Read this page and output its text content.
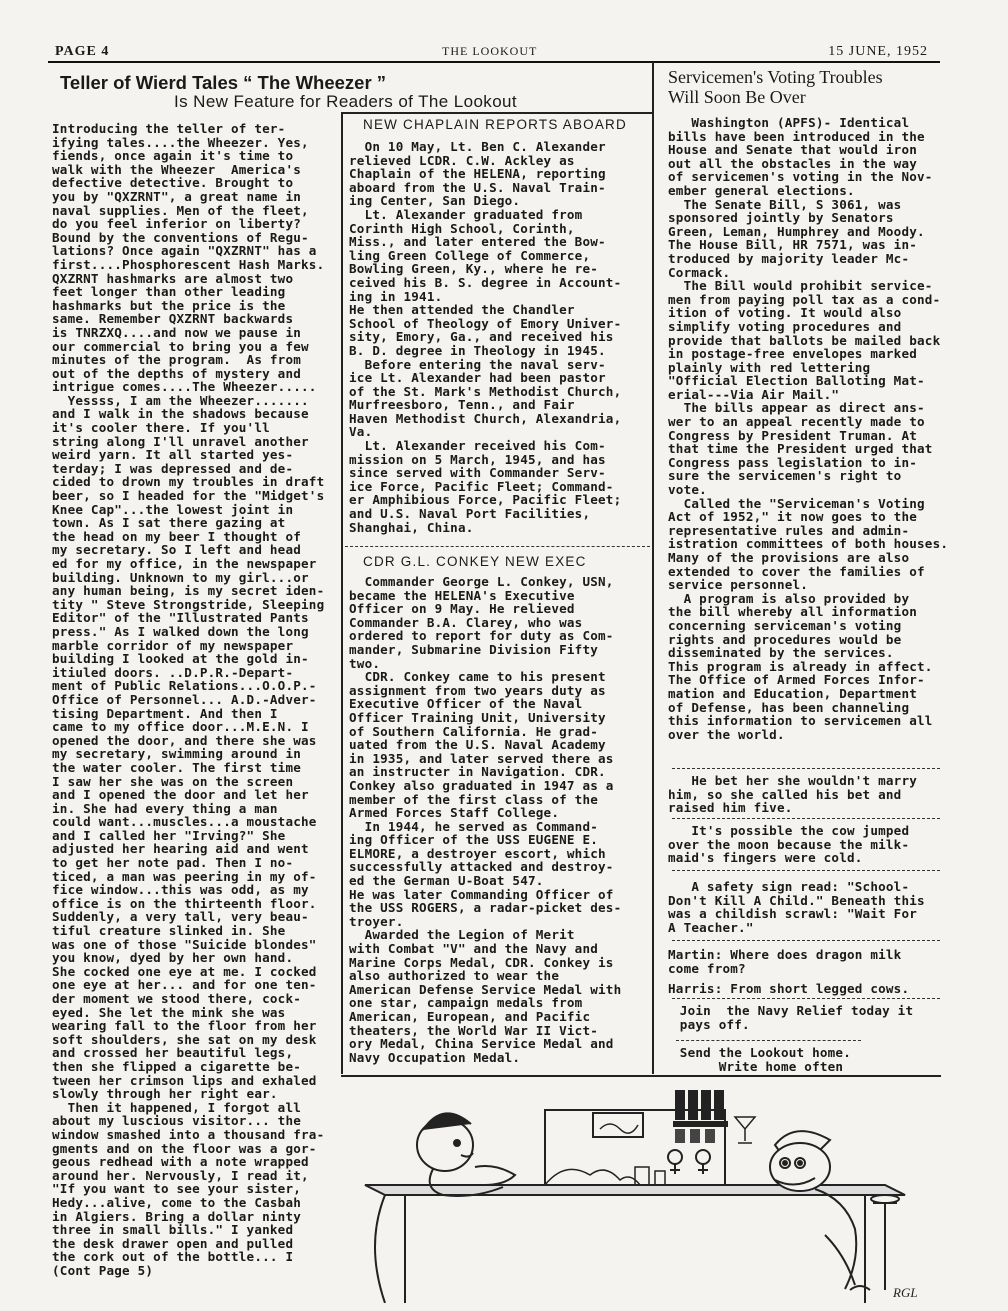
PAGE 4	THE LOOKOUT	15 JUNE, 1952
Teller of Wierd Tales “ The Wheezer ”
Is New Feature for Readers of The Lookout
Introducing the teller of ter-
ifying tales....the Wheezer. Yes,
fiends, once again it's time to
walk with the Wheezer  America's
defective detective. Brought to
you by "QXZRNT", a great name in
naval supplies. Men of the fleet,
do you feel inferior on liberty?
Bound by the conventions of Regu-
lations? Once again "QXZRNT" has a
first....Phosphorescent Hash Marks.
QXZRNT hashmarks are almost two
feet longer than other leading
hashmarks but the price is the
same. Remember QXZRNT backwards
is TNRZXQ....and now we pause in
our commercial to bring you a few
minutes of the program.  As from
out of the depths of mystery and
intrigue comes....The Wheezer.....
Yessss, I am the Wheezer.......
and I walk in the shadows because
it's cooler there. If you'll
string along I'll unravel another
weird yarn. It all started yes-
terday; I was depressed and de-
cided to drown my troubles in draft
beer, so I headed for the "Midget's
Knee Cap"...the lowest joint in
town. As I sat there gazing at
the head on my beer I thought of
my secretary. So I left and head
ed for my office, in the newspaper
building. Unknown to my girl...or
any human being, is my secret iden-
tity " Steve Strongstride, Sleeping
Editor" of the "Illustrated Pants
press." As I walked down the long
marble corridor of my newspaper
building I looked at the gold in-
itiuled doors. ..D.P.R.-Depart-
ment of Public Relations...O.O.P.-
Office of Personnel... A.D.-Adver-
tising Department. And then I
came to my office door...M.E.N. I
opened the door, and there she was
my secretary, swimming around in
the water cooler. The first time
I saw her she was on the screen
and I opened the door and let her
in. She had every thing a man
could want...muscles...a moustache
and I called her "Irving?" She
adjusted her hearing aid and went
to get her note pad. Then I no-
ticed, a man was peering in my of-
fice window...this was odd, as my
office is on the thirteenth floor.
Suddenly, a very tall, very beau-
tiful creature slinked in. She
was one of those "Suicide blondes"
you know, dyed by her own hand.
She cocked one eye at me. I cocked
one eye at her... and for one ten-
der moment we stood there, cock-
eyed. She let the mink she was
wearing fall to the floor from her
soft shoulders, she sat on my desk
and crossed her beautiful legs,
then she flipped a cigarette be-
tween her crimson lips and exhaled
slowly through her right ear.
Then it happened, I forgot all
about my luscious visitor... the
window smashed into a thousand fra-
gments and on the floor was a gor-
geous redhead with a note wrapped
around her. Nervously, I read it,
"If you want to see your sister,
Hedy...alive, come to the Casbah
in Algiers. Bring a dollar ninty
three in small bills." I yanked
the desk drawer open and pulled
the cork out of the bottle... I
(Cont Page 5)
NEW CHAPLAIN REPORTS ABOARD
On 10 May, Lt. Ben C. Alexander
relieved LCDR. C.W. Ackley as
Chaplain of the HELENA, reporting
aboard from the U.S. Naval Train-
ing Center, San Diego.
Lt. Alexander graduated from
Corinth High School, Corinth,
Miss., and later entered the Bow-
ling Green College of Commerce,
Bowling Green, Ky., where he re-
ceived his B. S. degree in Account-
ing in 1941.
He then attended the Chandler
School of Theology of Emory Univer-
sity, Emory, Ga., and received his
B. D. degree in Theology in 1945.
Before entering the naval serv-
ice Lt. Alexander had been pastor
of the St. Mark's Methodist Church,
Murfreesboro, Tenn., and Fair
Haven Methodist Church, Alexandria,
Va.
Lt. Alexander received his Com-
mission on 5 March, 1945, and has
since served with Commander Serv-
ice Force, Pacific Fleet; Command-
er Amphibious Force, Pacific Fleet;
and U.S. Naval Port Facilities,
Shanghai, China.
CDR G.L. CONKEY NEW EXEC
Commander George L. Conkey, USN,
became the HELENA's Executive
Officer on 9 May. He relieved
Commander B.A. Clarey, who was
ordered to report for duty as Com-
mander, Submarine Division Fifty
two.
CDR. Conkey came to his present
assignment from two years duty as
Executive Officer of the Naval
Officer Training Unit, University
of Southern California. He grad-
uated from the U.S. Naval Academy
in 1935, and later served there as
an instructer in Navigation. CDR.
Conkey also graduated in 1947 as a
member of the first class of the
Armed Forces Staff College.
In 1944, he served as Command-
ing Officer of the USS EUGENE E.
ELMORE, a destroyer escort, which
successfully attacked and destroy-
ed the German U-Boat 547.
He was later Commanding Officer of
the USS ROGERS, a radar-picket des-
troyer.
Awarded the Legion of Merit
with Combat "V" and the Navy and
Marine Corps Medal, CDR. Conkey is
also authorized to wear the
American Defense Service Medal with
one star, campaign medals from
American, European, and Pacific
theaters, the World War II Vict-
ory Medal, China Service Medal and
Navy Occupation Medal.
Servicemen's Voting Troubles
Will Soon Be Over
Washington (APFS)- Identical
bills have been introduced in the
House and Senate that would iron
out all the obstacles in the way
of servicemen's voting in the Nov-
ember general elections.
The Senate Bill, S 3061, was
sponsored jointly by Senators
Green, Leman, Humphrey and Moody.
The House Bill, HR 7571, was in-
troduced by majority leader Mc-
Cormack.
The Bill would prohibit service-
men from paying poll tax as a cond-
ition of voting. It would also
simplify voting procedures and
provide that ballots be mailed back
in postage-free envelopes marked
plainly with red lettering
"Official Election Balloting Mat-
erial---Via Air Mail."
The bills appear as direct ans-
wer to an appeal recently made to
Congress by President Truman. At
that time the President urged that
Congress pass legislation to in-
sure the servicemen's right to
vote.
Called the "Serviceman's Voting
Act of 1952," it now goes to the
representative rules and admin-
istration committees of both houses.
Many of the provisions are also
extended to cover the families of
service personnel.
A program is also provided by
the bill whereby all information
concerning serviceman's voting
rights and procedures would be
disseminated by the services.
This program is already in affect.
The Office of Armed Forces Infor-
mation and Education, Department
of Defense, has been channeling
this information to servicemen all
over the world.
He bet her she wouldn't marry
him, so she called his bet and
raised him five.
It's possible the cow jumped
over the moon because the milk-
maid's fingers were cold.
A safety sign read: "School-
Don't Kill A Child." Beneath this
was a childish scrawl: "Wait For
A Teacher."
Martin: Where does dragon milk
come from?
Harris: From short legged cows.
Join  the Navy Relief today it
pays off.
Send the Lookout home.
Write home often
RGL
